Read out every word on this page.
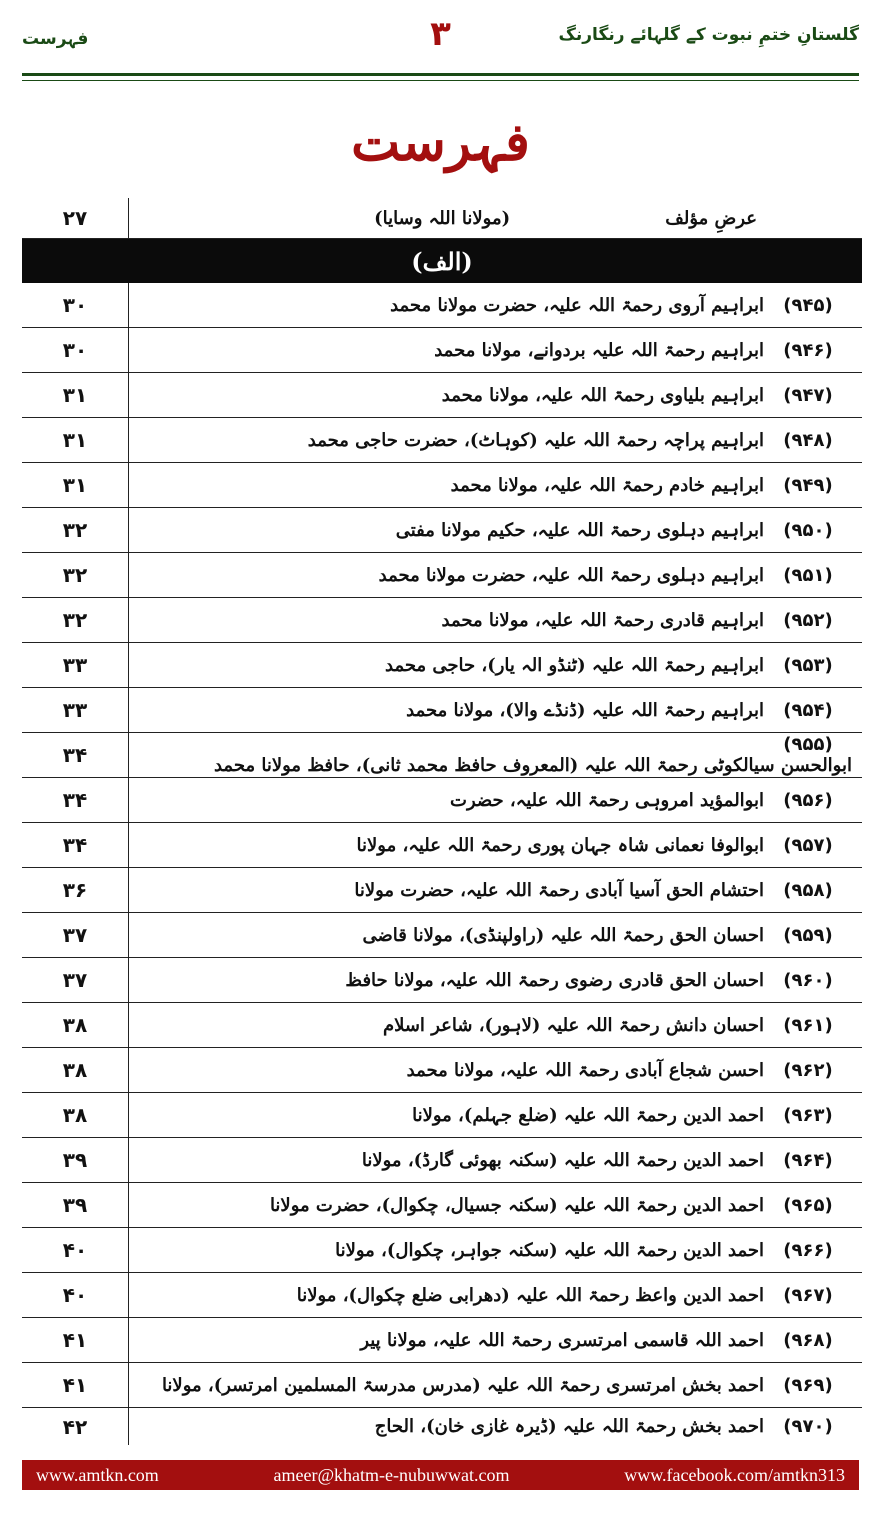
گلستانِ ختمِ نبوت کے گلہائے رنگارنگ
۳
فہرست
فہرست
عرضِ مؤلف (مولانا اللہ وسایا)	۲۷
(الف)	
(۹۴۵)ابراہیم آروی رحمۃ اللہ علیہ، حضرت مولانا محمد	۳۰
(۹۴۶)ابراہیم رحمۃ اللہ علیہ بردوانے، مولانا محمد	۳۰
(۹۴۷)ابراہیم بلیاوی رحمۃ اللہ علیہ، مولانا محمد	۳۱
(۹۴۸)ابراہیم پراچہ رحمۃ اللہ علیہ (کوہاٹ)، حضرت حاجی محمد	۳۱
(۹۴۹)ابراہیم خادم رحمۃ اللہ علیہ، مولانا محمد	۳۱
(۹۵۰)ابراہیم دہلوی رحمۃ اللہ علیہ، حکیم مولانا مفتی	۳۲
(۹۵۱)ابراہیم دہلوی رحمۃ اللہ علیہ، حضرت مولانا محمد	۳۲
(۹۵۲)ابراہیم قادری رحمۃ اللہ علیہ، مولانا محمد	۳۲
(۹۵۳)ابراہیم رحمۃ اللہ علیہ (ٹنڈو الہ یار)، حاجی محمد	۳۳
(۹۵۴)ابراہیم رحمۃ اللہ علیہ (ڈنڈے والا)، مولانا محمد	۳۳
(۹۵۵)ابوالحسن سیالکوٹی رحمۃ اللہ علیہ (المعروف حافظ محمد ثانی)، حافظ مولانا محمد	۳۴
(۹۵۶)ابوالمؤید امروہی رحمۃ اللہ علیہ، حضرت	۳۴
(۹۵۷)ابوالوفا نعمانی شاہ جہان پوری رحمۃ اللہ علیہ، مولانا	۳۴
(۹۵۸)احتشام الحق آسیا آبادی رحمۃ اللہ علیہ، حضرت مولانا	۳۶
(۹۵۹)احسان الحق رحمۃ اللہ علیہ (راولپنڈی)، مولانا قاضی	۳۷
(۹۶۰)احسان الحق قادری رضوی رحمۃ اللہ علیہ، مولانا حافظ	۳۷
(۹۶۱)احسان دانش رحمۃ اللہ علیہ (لاہور)، شاعر اسلام	۳۸
(۹۶۲)احسن شجاع آبادی رحمۃ اللہ علیہ، مولانا محمد	۳۸
(۹۶۳)احمد الدین رحمۃ اللہ علیہ (ضلع جہلم)، مولانا	۳۸
(۹۶۴)احمد الدین رحمۃ اللہ علیہ (سکنہ بھوئی گارڈ)، مولانا	۳۹
(۹۶۵)احمد الدین رحمۃ اللہ علیہ (سکنہ جسیال، چکوال)، حضرت مولانا	۳۹
(۹۶۶)احمد الدین رحمۃ اللہ علیہ (سکنہ جواہر، چکوال)، مولانا	۴۰
(۹۶۷)احمد الدین واعظ رحمۃ اللہ علیہ (دھرابی ضلع چکوال)، مولانا	۴۰
(۹۶۸)احمد اللہ قاسمی امرتسری رحمۃ اللہ علیہ، مولانا پیر	۴۱
(۹۶۹)احمد بخش امرتسری رحمۃ اللہ علیہ (مدرس مدرسۃ المسلمین امرتسر)، مولانا	۴۱
(۹۷۰)احمد بخش رحمۃ اللہ علیہ (ڈیرہ غازی خان)، الحاج	۴۲
www.amtkn.com	ameer@khatm-e-nubuwwat.com	www.facebook.com/amtkn313
